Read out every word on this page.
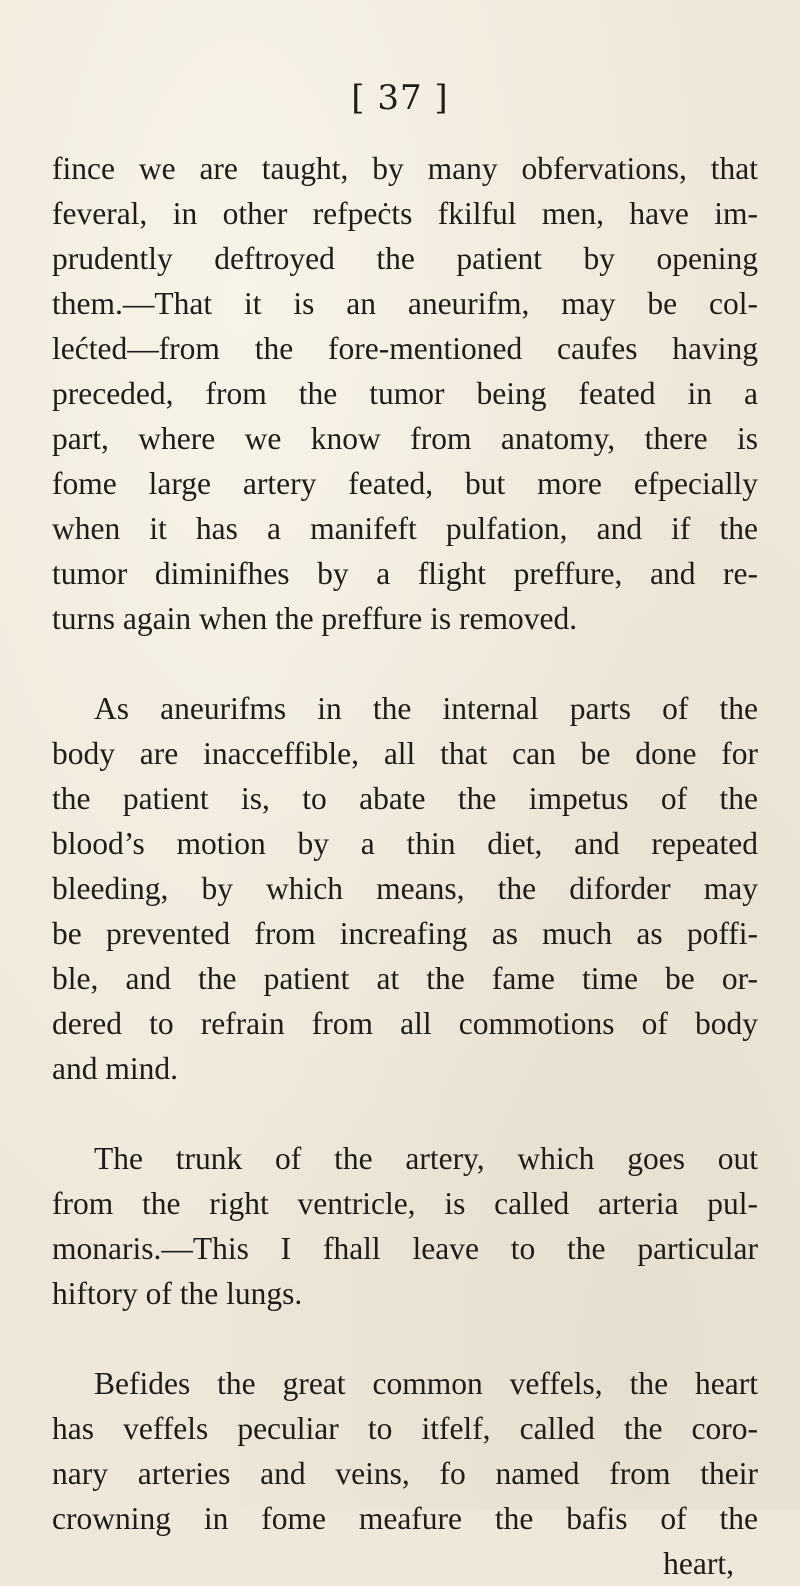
[ 37 ]
fince we are taught, by many obfervations, that
feveral, in other refpeċts fkilful men, have im-
prudently deftroyed the patient by opening
them.—That it is an aneurifm, may be col-
lećted—from the fore-mentioned caufes having
preceded, from the tumor being feated in a
part, where we know from anatomy, there is
fome large artery feated, but more efpecially
when it has a manifeft pulfation, and if the
tumor diminifhes by a flight preffure, and re-
turns again when the preffure is removed.
As aneurifms in the internal parts of the
body are inacceffible, all that can be done for
the patient is, to abate the impetus of the
blood’s motion by a thin diet, and repeated
bleeding, by which means, the diforder may
be prevented from increafing as much as poffi-
ble, and the patient at the fame time be or-
dered to refrain from all commotions of body
and mind.
The trunk of the artery, which goes out
from the right ventricle, is called arteria pul-
monaris.—This I fhall leave to the particular
hiftory of the lungs.
Befides the great common veffels, the heart
has veffels peculiar to itfelf, called the coro-
nary arteries and veins, fo named from their
crowning in fome meafure the bafis of the
heart,
